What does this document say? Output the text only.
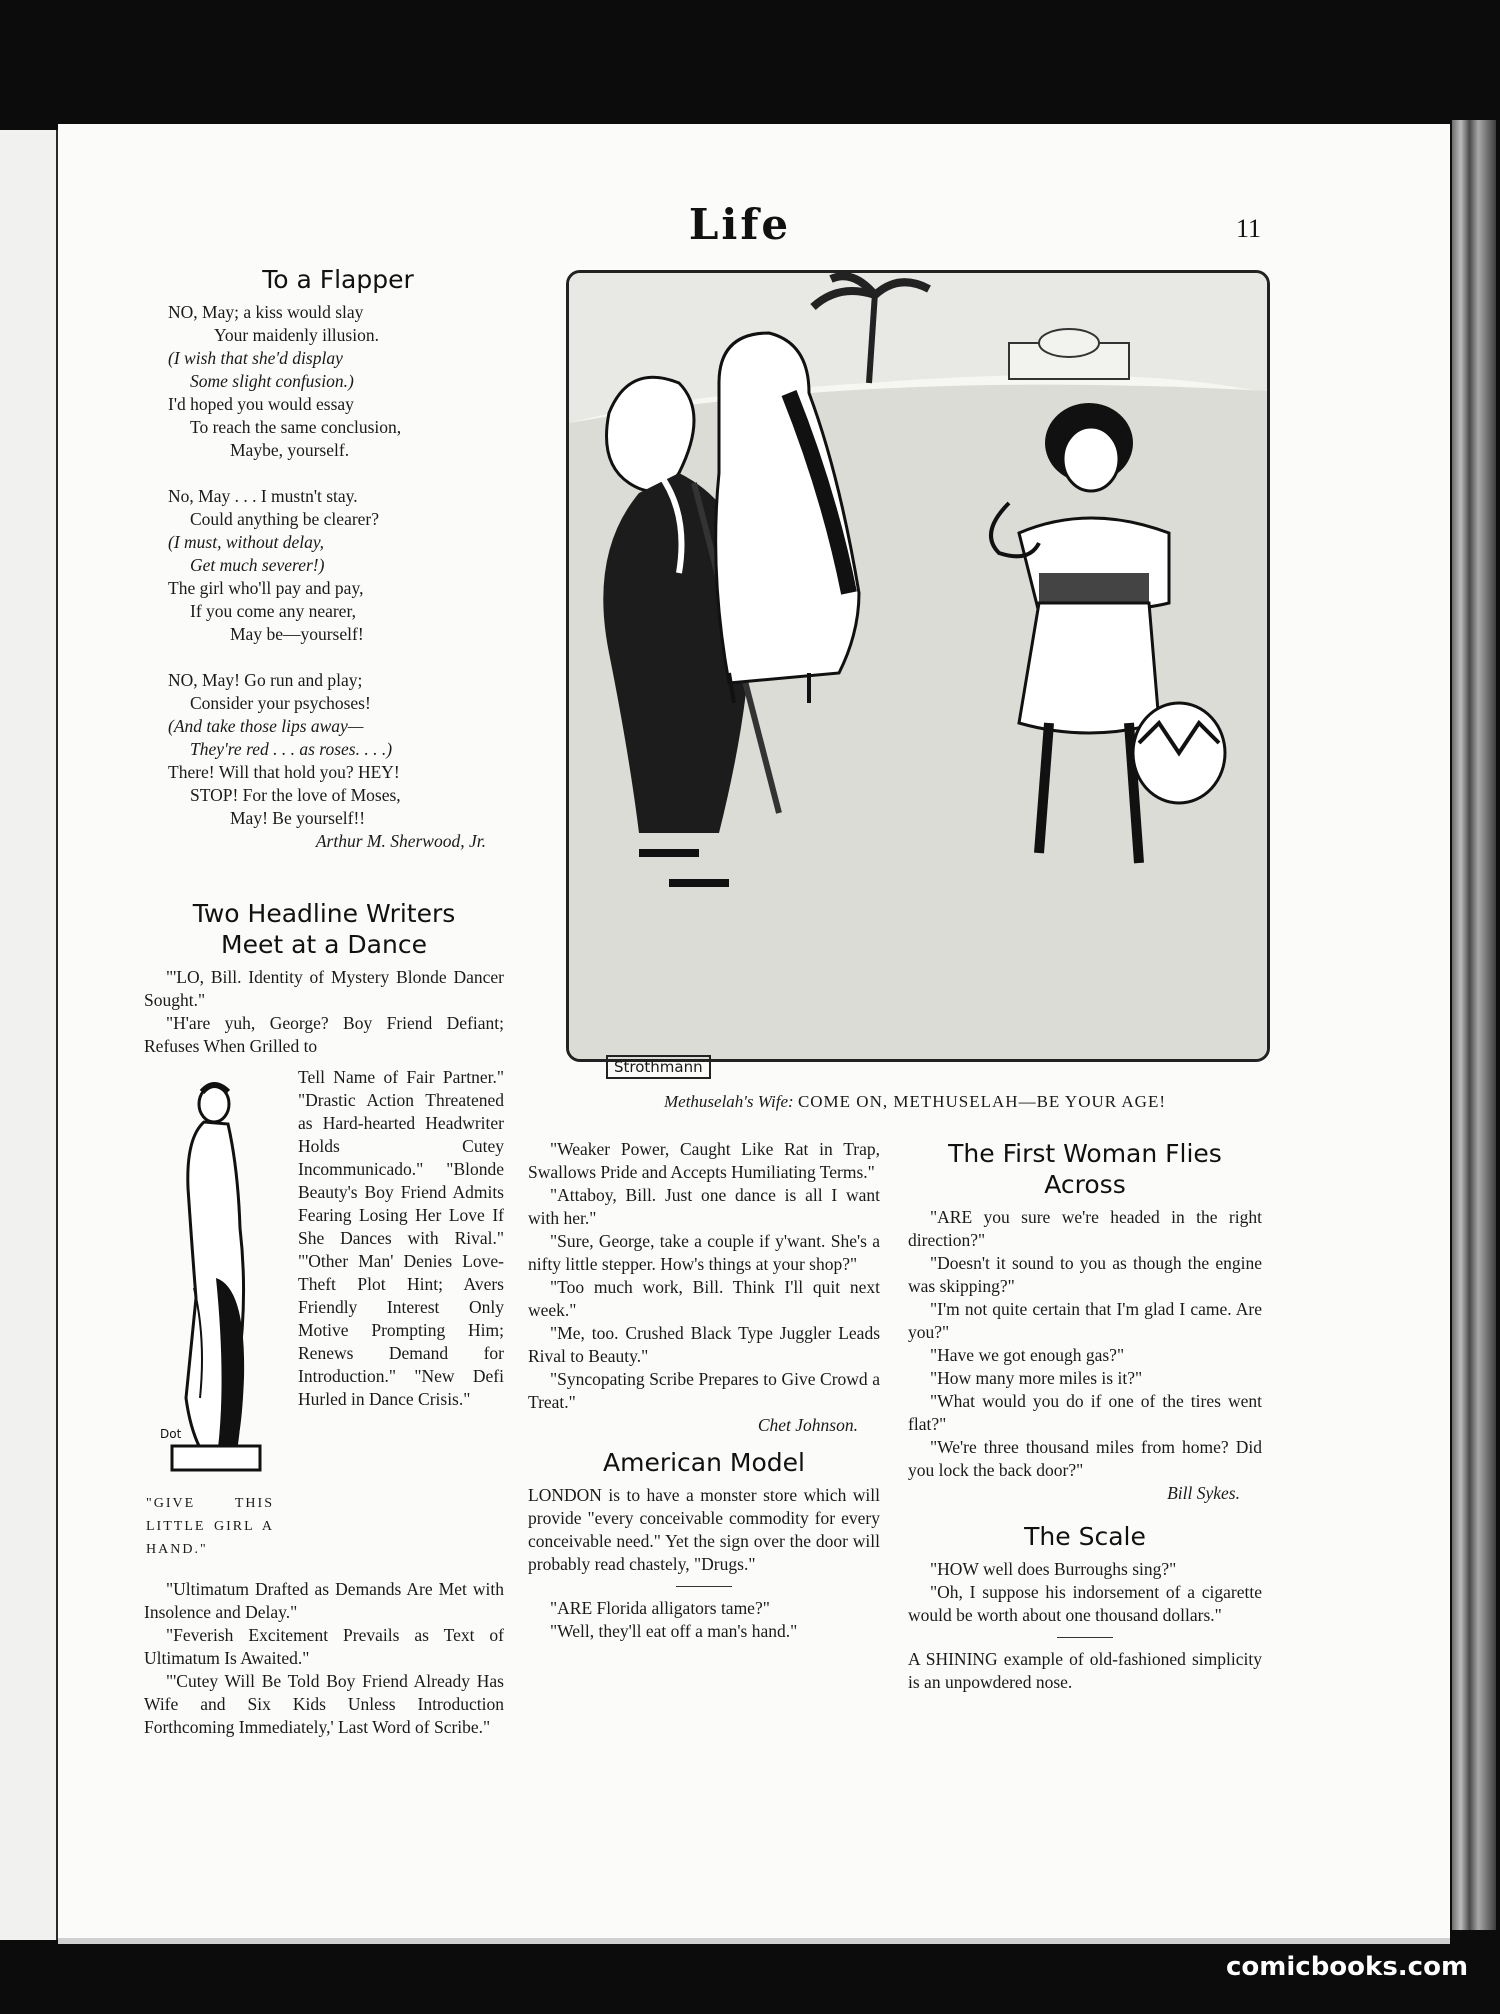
Life	11
To a Flapper
NO, May; a kiss would slay
Your maidenly illusion.
(I wish that she'd display
Some slight confusion.)
I'd hoped you would essay
To reach the same conclusion,
Maybe, yourself.
No, May . . . I mustn't stay.
Could anything be clearer?
(I must, without delay,
Get much severer!)
The girl who'll pay and pay,
If you come any nearer,
May be—yourself!
NO, May! Go run and play;
Consider your psychoses!
(And take those lips away—
They're red . . . as roses. . . .)
There! Will that hold you? HEY!
STOP! For the love of Moses,
May! Be yourself!!
Arthur M. Sherwood, Jr.
Two Headline Writers
Meet at a Dance
"'LO, Bill. Identity of Mystery Blonde Dancer Sought."
"H'are yuh, George? Boy Friend Defiant; Refuses When Grilled to
Dot
"GIVE THIS LITTLE GIRL A HAND."
Tell Name of Fair Partner." "Drastic Action Threatened as Hard-hearted Headwriter Holds Cutey Incommunicado." "Blonde Beauty's Boy Friend Admits Fearing Losing Her Love If She Dances with Rival." "'Other Man' Denies Love-Theft Plot Hint; Avers Friendly Interest Only Motive Prompting Him; Renews Demand for Introduction." "New Defi Hurled in Dance Crisis."
"Ultimatum Drafted as Demands Are Met with Insolence and Delay."
"Feverish Excitement Prevails as Text of Ultimatum Is Awaited."
"'Cutey Will Be Told Boy Friend Already Has Wife and Six Kids Unless Introduction Forthcoming Immediately,' Last Word of Scribe."
Strothmann
Methuselah's Wife: COME ON, METHUSELAH—BE YOUR AGE!
"Weaker Power, Caught Like Rat in Trap, Swallows Pride and Accepts Humiliating Terms."
"Attaboy, Bill. Just one dance is all I want with her."
"Sure, George, take a couple if y'want. She's a nifty little stepper. How's things at your shop?"
"Too much work, Bill. Think I'll quit next week."
"Me, too. Crushed Black Type Juggler Leads Rival to Beauty."
"Syncopating Scribe Prepares to Give Crowd a Treat."
Chet Johnson.
American Model
LONDON is to have a monster store which will provide "every conceivable commodity for every conceivable need." Yet the sign over the door will probably read chastely, "Drugs."
"ARE Florida alligators tame?"
"Well, they'll eat off a man's hand."
The First Woman Flies
Across
"ARE you sure we're headed in the right direction?"
"Doesn't it sound to you as though the engine was skipping?"
"I'm not quite certain that I'm glad I came. Are you?"
"Have we got enough gas?"
"How many more miles is it?"
"What would you do if one of the tires went flat?"
"We're three thousand miles from home? Did you lock the back door?"
Bill Sykes.
The Scale
"HOW well does Burroughs sing?"
"Oh, I suppose his indorsement of a cigarette would be worth about one thousand dollars."
A SHINING example of old-fashioned simplicity is an unpowdered nose.
comicbooks.com
